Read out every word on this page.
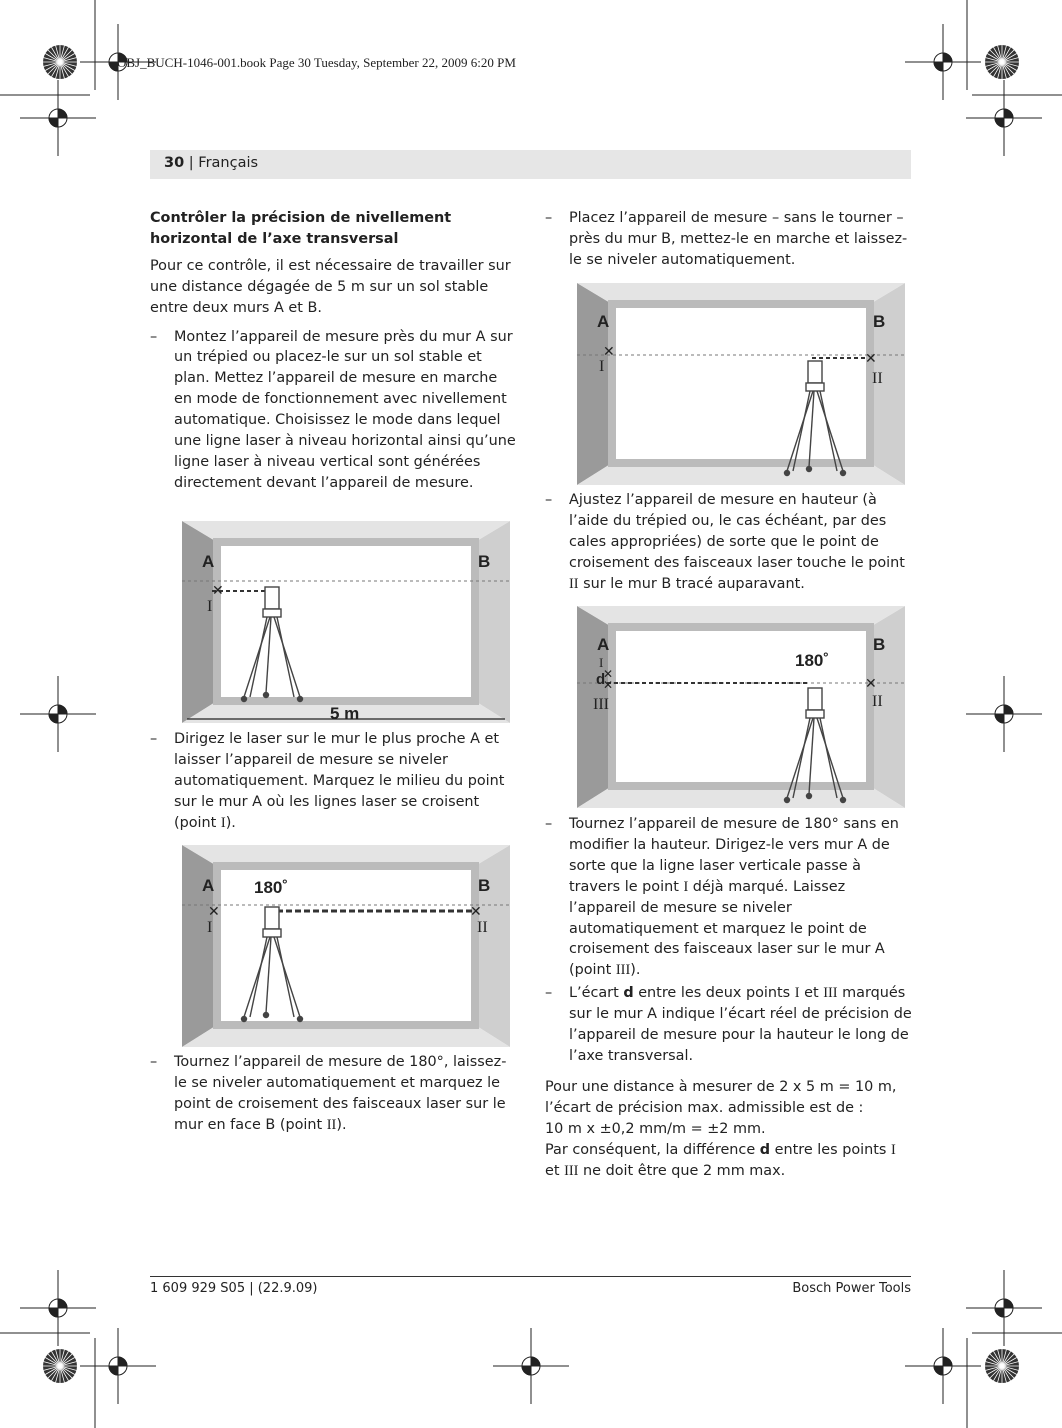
OBJ_BUCH-1046-001.book Page 30 Tuesday, September 22, 2009 6:20 PM
30 | Français
Contrôler la précision de nivellement horizontal de l’axe transversal

Pour ce contrôle, il est nécessaire de travailler sur une distance dégagée de 5 m sur un sol stable entre deux murs A et B.

– Montez l’appareil de mesure près du mur A sur un trépied ou placez-le sur un sol stable et plan. Mettez l’appareil de mesure en marche en mode de fonctionnement avec nivellement automatique. Choisissez le mode dans lequel une ligne laser à niveau horizontal ainsi qu’une ligne laser à niveau vertical sont générées directement devant l’appareil de mesure.
– Dirigez le laser sur le mur le plus proche A et laisser l’appareil de mesure se niveler automatiquement. Marquez le milieu du point sur le mur A où les lignes laser se croisent (point I).
– Tournez l’appareil de mesure de 180°, laissez-le se niveler automatiquement et marquez le point de croisement des faisceaux laser sur le mur en face B (point II).
– Placez l’appareil de mesure – sans le tourner – près du mur B, mettez-le en marche et laissez-le se niveler automatiquement.
– Ajustez l’appareil de mesure en hauteur (à l’aide du trépied ou, le cas échéant, par des cales appropriées) de sorte que le point de croisement des faisceaux laser touche le point II sur le mur B tracé auparavant.
– Tournez l’appareil de mesure de 180° sans en modifier la hauteur. Dirigez-le vers mur A de sorte que la ligne laser verticale passe à travers le point I déjà marqué. Laissez l’appareil de mesure se niveler automatiquement et marquez le point de croisement des faisceaux laser sur le mur A (point III).
– L’écart d entre les deux points I et III marqués sur le mur A indique l’écart réel de précision de l’appareil de mesure pour la hauteur le long de l’axe transversal.
Pour une distance à mesurer de 2 x 5 m = 10 m, l’écart de précision max. admissible est de :
10 m x ±0,2 mm/m = ±2 mm.
Par conséquent, la différence d entre les points I et III ne doit être que 2 mm max.
A	B
I
✕
5 m
A	B
180˚
I	II
✕	✕
A	B
I
II
✕	✕
A	B
180˚
d
I
III	II
✕
✕	✕
1 609 929 S05 | (22.9.09)	Bosch Power Tools
